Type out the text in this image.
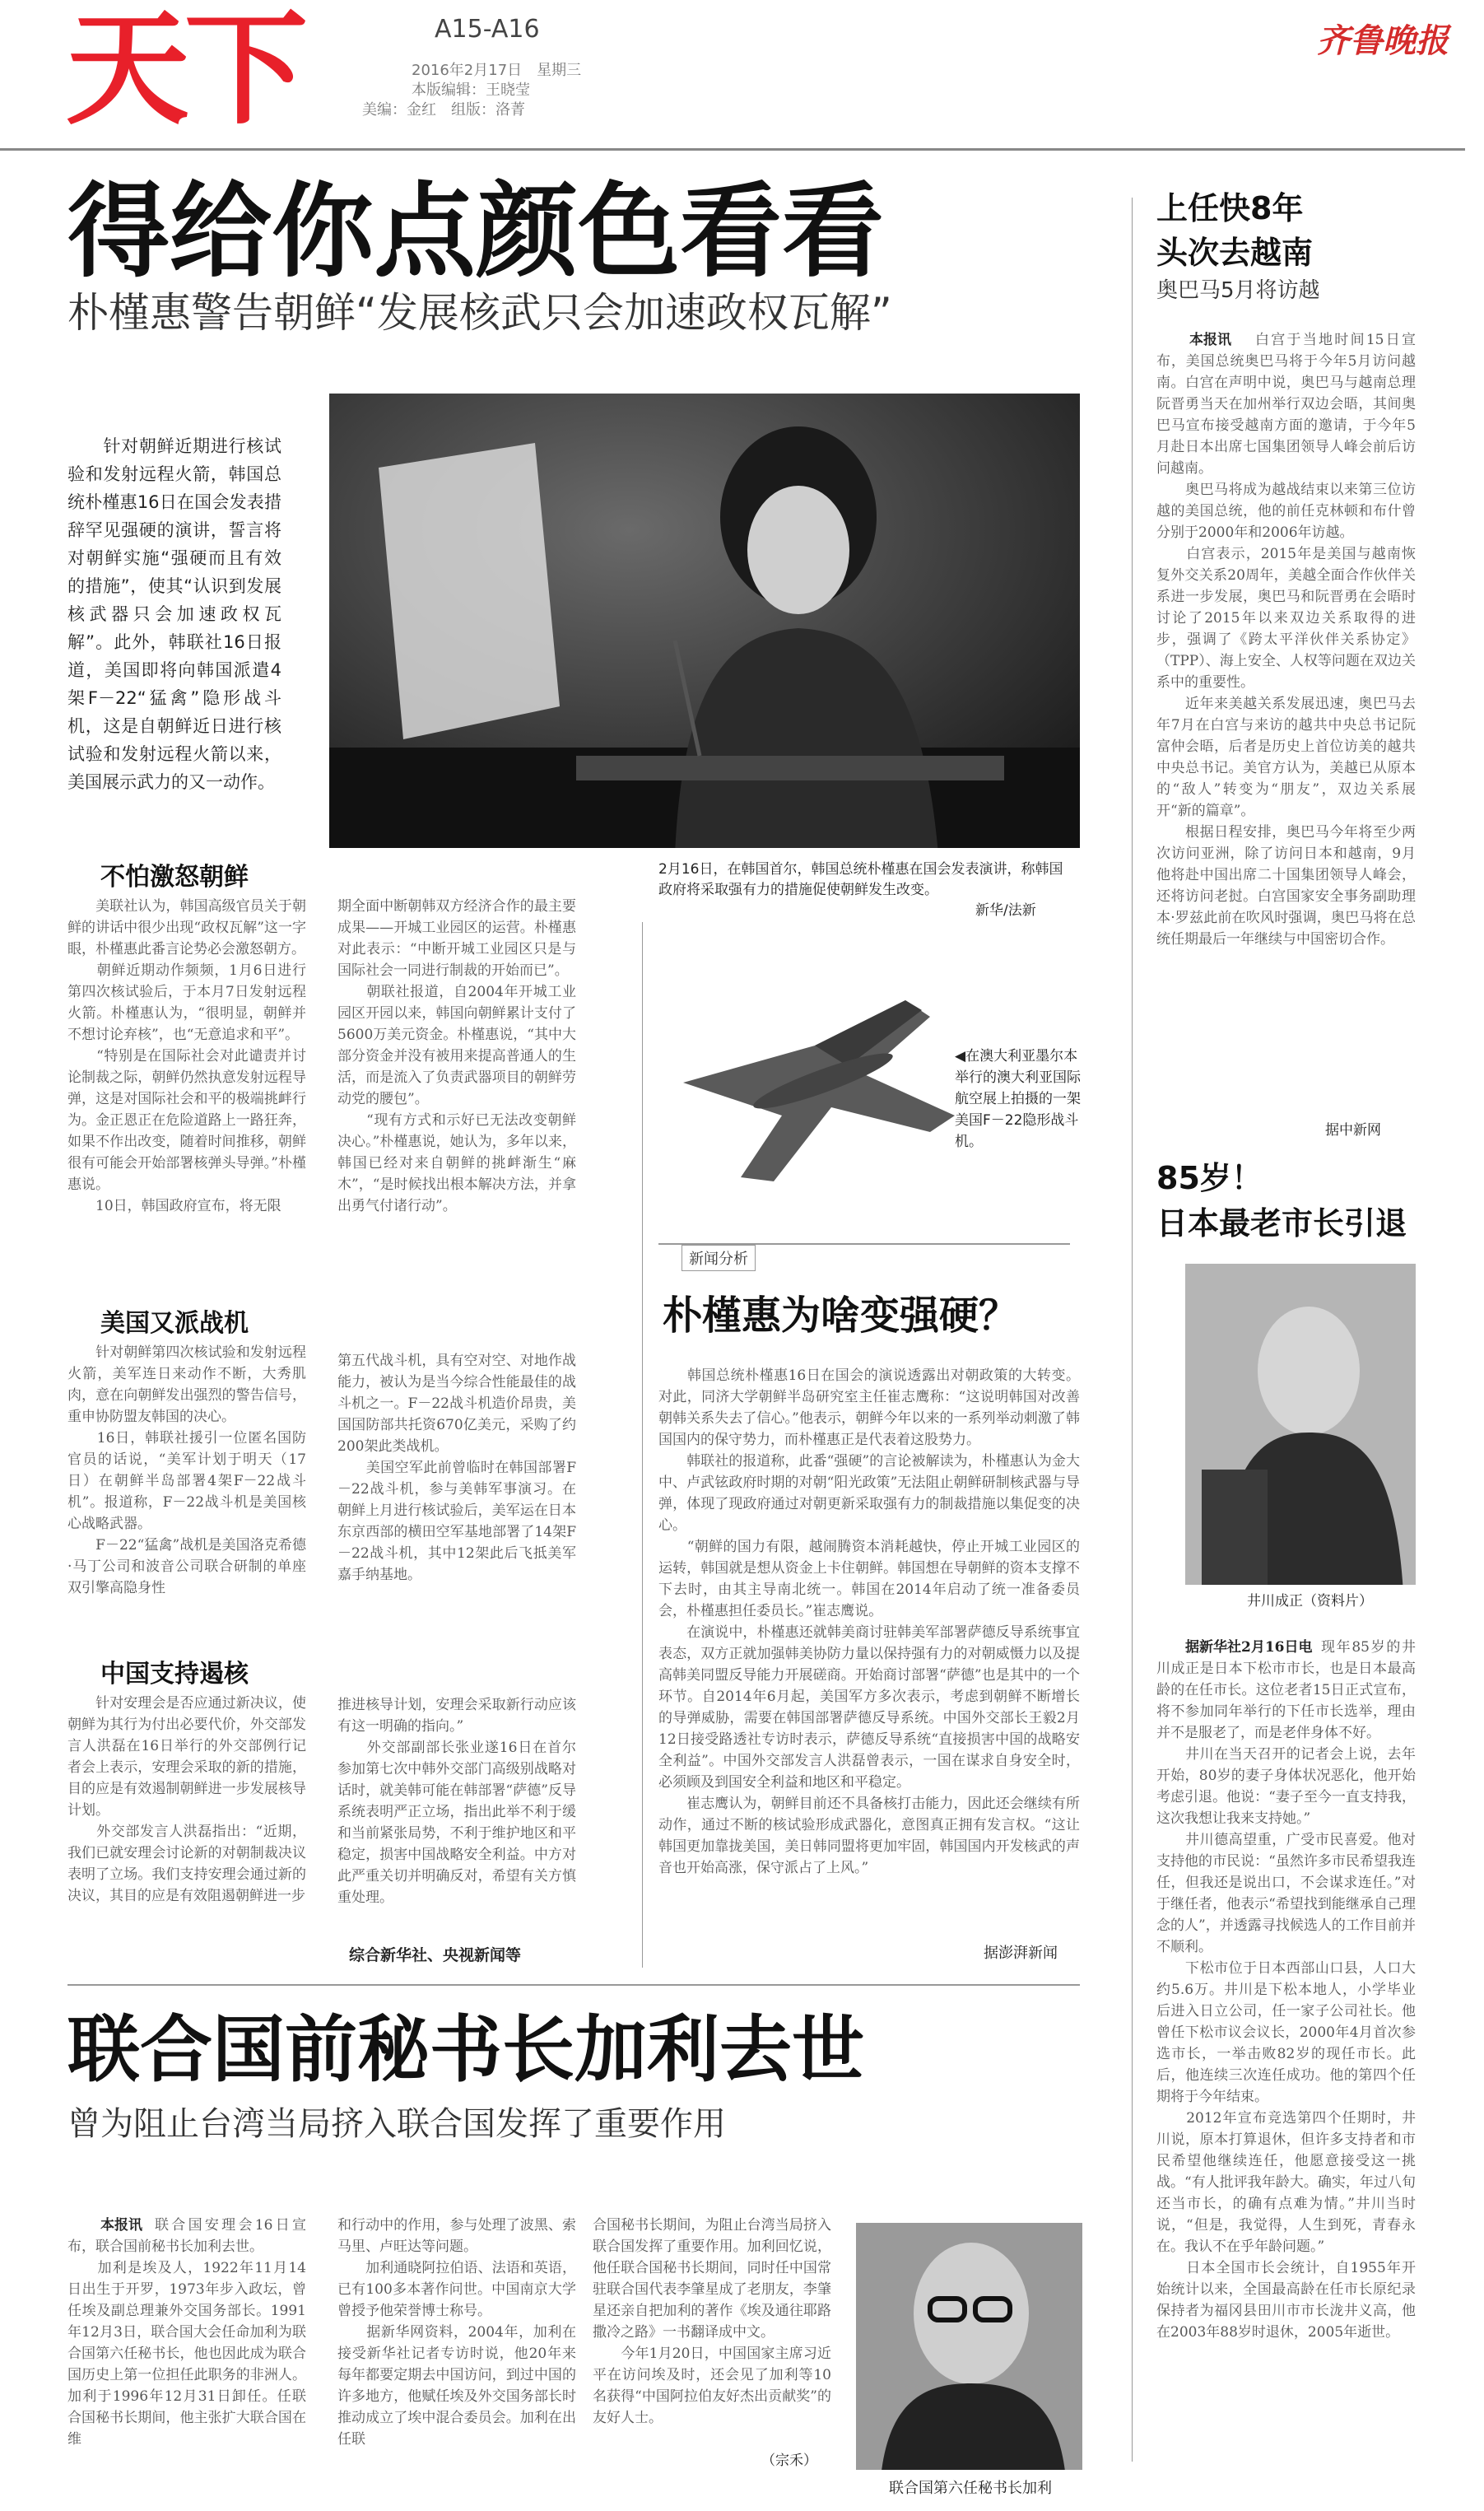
天下	A15-A16
2016年2月17日　星期三
本版编辑：王晓莹
美编：金红　组版：洛菁
齐鲁晚报
得给你点颜色看看
朴槿惠警告朝鲜“发展核武只会加速政权瓦解”
　　针对朝鲜近期进行核试验和发射远程火箭，韩国总统朴槿惠16日在国会发表措辞罕见强硬的演讲，誓言将对朝鲜实施“强硬而且有效的措施”，使其“认识到发展核武器只会加速政权瓦解”。此外，韩联社16日报道，美国即将向韩国派遣4架F－22“猛禽”隐形战斗机，这是自朝鲜近日进行核试验和发射远程火箭以来，美国展示武力的又一动作。
2月16日，在韩国首尔，韩国总统朴槿惠在国会发表演讲，称韩国政府将采取强有力的措施促使朝鲜发生改变。
新华/法新
不怕激怒朝鲜
　　美联社认为，韩国高级官员关于朝鲜的讲话中很少出现“政权瓦解”这一字眼，朴槿惠此番言论势必会激怒朝方。
　　朝鲜近期动作频频，1月6日进行第四次核试验后，于本月7日发射远程火箭。朴槿惠认为，“很明显，朝鲜并不想讨论弃核”，也“无意追求和平”。
　　“特别是在国际社会对此谴责并讨论制裁之际，朝鲜仍然执意发射远程导弹，这是对国际社会和平的极端挑衅行为。金正恩正在危险道路上一路狂奔，如果不作出改变，随着时间推移，朝鲜很有可能会开始部署核弹头导弹。”朴槿惠说。
　　10日，韩国政府宣布，将无限
期全面中断朝韩双方经济合作的最主要成果——开城工业园区的运营。朴槿惠对此表示：“中断开城工业园区只是与国际社会一同进行制裁的开始而已”。
　　朝联社报道，自2004年开城工业园区开园以来，韩国向朝鲜累计支付了5600万美元资金。朴槿惠说，“其中大部分资金并没有被用来提高普通人的生活，而是流入了负责武器项目的朝鲜劳动党的腰包”。
　　“现有方式和示好已无法改变朝鲜决心。”朴槿惠说，她认为，多年以来，韩国已经对来自朝鲜的挑衅渐生“麻木”，“是时候找出根本解决方法，并拿出勇气付诸行动”。
美国又派战机
　　针对朝鲜第四次核试验和发射远程火箭，美军连日来动作不断，大秀肌肉，意在向朝鲜发出强烈的警告信号，重申协防盟友韩国的决心。
　　16日，韩联社援引一位匿名国防官员的话说，“美军计划于明天（17日）在朝鲜半岛部署4架F－22战斗机”。报道称，F－22战斗机是美国核心战略武器。
　　F－22“猛禽”战机是美国洛克希德·马丁公司和波音公司联合研制的单座双引擎高隐身性
第五代战斗机，具有空对空、对地作战能力，被认为是当今综合性能最佳的战斗机之一。F－22战斗机造价昂贵，美国国防部共托资670亿美元，采购了约200架此类战机。
　　美国空军此前曾临时在韩国部署F－22战斗机，参与美韩军事演习。在朝鲜上月进行核试验后，美军运在日本东京西部的横田空军基地部署了14架F－22战斗机，其中12架此后飞抵美军嘉手纳基地。
中国支持遏核
　　针对安理会是否应通过新决议，使朝鲜为其行为付出必要代价，外交部发言人洪磊在16日举行的外交部例行记者会上表示，安理会采取的新的措施，目的应是有效遏制朝鲜进一步发展核导计划。
　　外交部发言人洪磊指出：“近期，我们已就安理会讨论新的对朝制裁决议表明了立场。我们支持安理会通过新的决议，其目的应是有效阻遏朝鲜进一步
推进核导计划，安理会采取新行动应该有这一明确的指向。”
　　外交部副部长张业遂16日在首尔参加第七次中韩外交部门高级别战略对话时，就美韩可能在韩部署“萨德”反导系统表明严正立场，指出此举不利于缓和当前紧张局势，不利于维护地区和平稳定，损害中国战略安全利益。中方对此严重关切并明确反对，希望有关方慎重处理。
综合新华社、央视新闻等
◀在澳大利亚墨尔本举行的澳大利亚国际航空展上拍摄的一架美国F－22隐形战斗机。
新闻分析
朴槿惠为啥变强硬？
　　韩国总统朴槿惠16日在国会的演说透露出对朝政策的大转变。对此，同济大学朝鲜半岛研究室主任崔志鹰称：“这说明韩国对改善朝韩关系失去了信心。”他表示，朝鲜今年以来的一系列举动刺激了韩国国内的保守势力，而朴槿惠正是代表着这股势力。
　　韩联社的报道称，此番“强硬”的言论被解读为，朴槿惠认为金大中、卢武铉政府时期的对朝“阳光政策”无法阻止朝鲜研制核武器与导弹，体现了现政府通过对朝更新采取强有力的制裁措施以集促变的决心。
　　“朝鲜的国力有限，越闹腾资本消耗越快，停止开城工业园区的运转，韩国就是想从资金上卡住朝鲜。韩国想在导朝鲜的资本支撑不下去时，由其主导南北统一。韩国在2014年启动了统一准备委员会，朴槿惠担任委员长。”崔志鹰说。
　　在演说中，朴槿惠还就韩美商讨驻韩美军部署萨德反导系统事宜表态，双方正就加强韩美协防力量以保持强有力的对朝威慑力以及提高韩美同盟反导能力开展磋商。开始商讨部署“萨德”也是其中的一个环节。自2014年6月起，美国军方多次表示，考虑到朝鲜不断增长的导弹威胁，需要在韩国部署萨德反导系统。中国外交部长王毅2月12日接受路透社专访时表示，萨德反导系统“直接损害中国的战略安全利益”。中国外交部发言人洪磊曾表示，一国在谋求自身安全时，必须顾及到国安全利益和地区和平稳定。
　　崔志鹰认为，朝鲜目前还不具备核打击能力，因此还会继续有所动作，通过不断的核试验形成武器化，意图真正拥有发言权。“这让韩国更加靠拢美国，美日韩同盟将更加牢固，韩国国内开发核武的声音也开始高涨，保守派占了上风。”
据澎湃新闻
上任快8年
头次去越南
奥巴马5月将访越
本报讯	白宫于当地时间15日宣布，美国总统奥巴马将于今年5月访问越南。白宫在声明中说，奥巴马与越南总理阮晋勇当天在加州举行双边会晤，其间奥巴马宣布接受越南方面的邀请，于今年5月赴日本出席七国集团领导人峰会前后访问越南。
　　奥巴马将成为越战结束以来第三位访越的美国总统，他的前任克林顿和布什曾分别于2000年和2006年访越。
　　白宫表示，2015年是美国与越南恢复外交关系20周年，美越全面合作伙伴关系进一步发展，奥巴马和阮晋勇在会晤时讨论了2015年以来双边关系取得的进步，强调了《跨太平洋伙伴关系协定》（TPP）、海上安全、人权等问题在双边关系中的重要性。
　　近年来美越关系发展迅速，奥巴马去年7月在白宫与来访的越共中央总书记阮富仲会晤，后者是历史上首位访美的越共中央总书记。美官方认为，美越已从原本的“敌人”转变为“朋友”，双边关系展开“新的篇章”。
　　根据日程安排，奥巴马今年将至少两次访问亚洲，除了访问日本和越南，9月他将赴中国出席二十国集团领导人峰会，还将访问老挝。白宫国家安全事务副助理本·罗兹此前在吹风时强调，奥巴马将在总统任期最后一年继续与中国密切合作。
据中新网
85岁！
日本最老市长引退
井川成正（资料片）
据新华社2月16日电 现年85岁的井川成正是日本下松市市长，也是日本最高龄的在任市长。这位老者15日正式宣布，将不参加同年举行的下任市长选举，理由并不是服老了，而是老伴身体不好。
　　井川在当天召开的记者会上说，去年开始，80岁的妻子身体状况恶化，他开始考虑引退。他说：“妻子至今一直支持我，这次我想让我来支持她。”
　　井川德高望重，广受市民喜爱。他对支持他的市民说：“虽然许多市民希望我连任，但我还是说出口，不会谋求连任。”对于继任者，他表示“希望找到能继承自己理念的人”，并透露寻找候选人的工作目前并不顺利。
　　下松市位于日本西部山口县，人口大约5.6万。井川是下松本地人，小学毕业后进入日立公司，任一家子公司社长。他曾任下松市议会议长，2000年4月首次参选市长，一举击败82岁的现任市长。此后，他连续三次连任成功。他的第四个任期将于今年结束。
　　2012年宣布竞选第四个任期时，井川说，原本打算退休，但许多支持者和市民希望他继续连任，他愿意接受这一挑战。“有人批评我年龄大。确实，年过八旬还当市长，的确有点难为情。”井川当时说，“但是，我觉得，人生到死，青春永在。我认不在乎年龄问题。”
　　日本全国市长会统计，自1955年开始统计以来，全国最高龄在任市长原纪录保持者为福冈县田川市市长泷井义高，他在2003年88岁时退休，2005年逝世。
联合国前秘书长加利去世
曾为阻止台湾当局挤入联合国发挥了重要作用
本报讯 联合国安理会16日宣布，联合国前秘书长加利去世。
　　加利是埃及人，1922年11月14日出生于开罗，1973年步入政坛，曾任埃及副总理兼外交国务部长。1991年12月3日，联合国大会任命加利为联合国第六任秘书长，他也因此成为联合国历史上第一位担任此职务的非洲人。加利于1996年12月31日卸任。任联合国秘书长期间，他主张扩大联合国在维
和行动中的作用，参与处理了波黑、索马里、卢旺达等问题。
　　加利通晓阿拉伯语、法语和英语，已有100多本著作问世。中国南京大学曾授予他荣誉博士称号。
　　据新华网资料，2004年，加利在接受新华社记者专访时说，他20年来每年都要定期去中国访问，到过中国的许多地方，他赋任埃及外交国务部长时推动成立了埃中混合委员会。加利在出任联
合国秘书长期间，为阻止台湾当局挤入联合国发挥了重要作用。加利回忆说，他任联合国秘书长期间，同时任中国常驻联合国代表李肇星成了老朋友，李肇星还亲自把加利的著作《埃及通往耶路撒冷之路》一书翻译成中文。
　　今年1月20日，中国国家主席习近平在访问埃及时，还会见了加利等10名获得“中国阿拉伯友好杰出贡献奖”的友好人士。
（宗禾）
联合国第六任秘书长加利
